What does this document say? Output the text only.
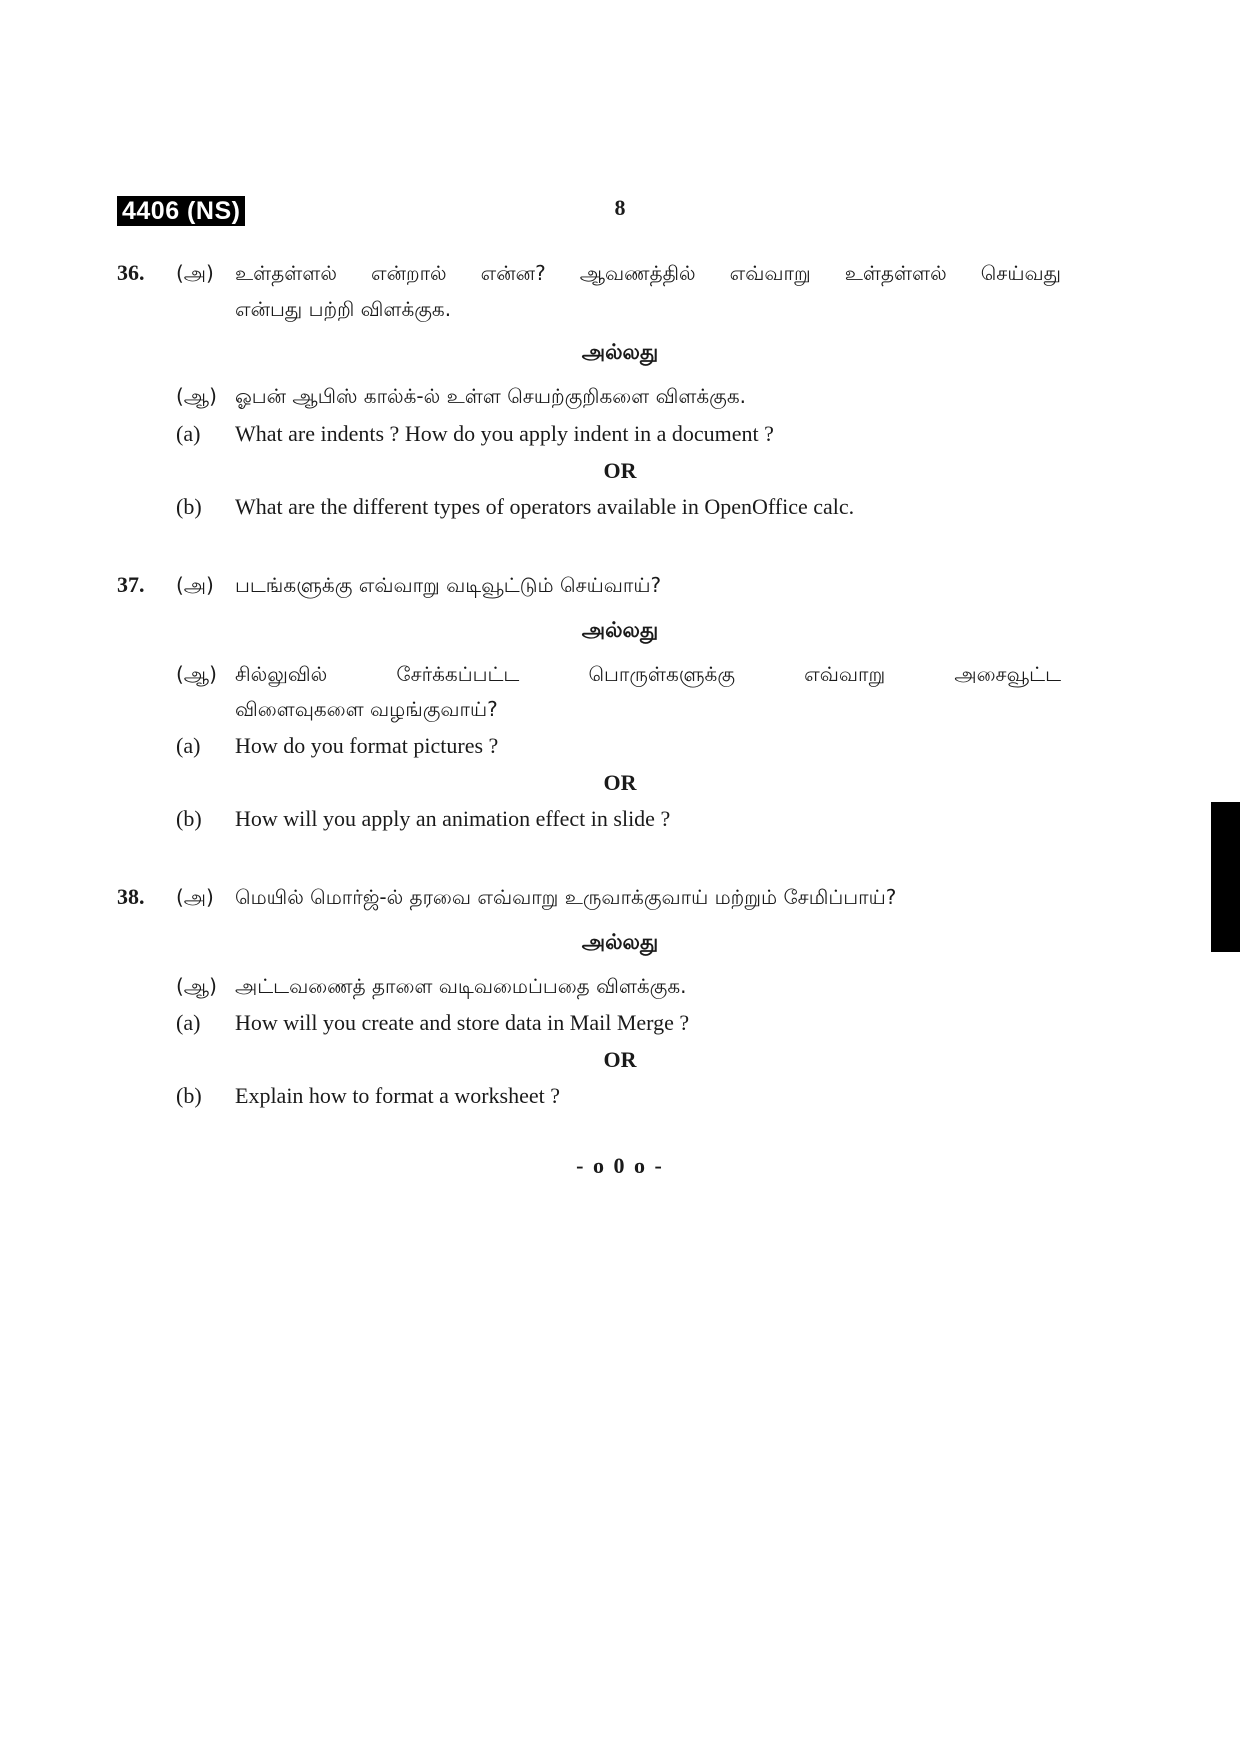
4406 (NS)	8
36. (அ) உள்தள்ளல் என்றால் என்ன? ஆவணத்தில் எவ்வாறு உள்தள்ளல் செய்வது
என்பது பற்றி விளக்குக.
அல்லது
(ஆ) ஓபன் ஆபிஸ் கால்க்-ல் உள்ள செயற்குறிகளை விளக்குக.
(a) What are indents ? How do you apply indent in a document ?
OR
(b) What are the different types of operators available in OpenOffice calc.
37. (அ) படங்களுக்கு எவ்வாறு வடிவூட்டும் செய்வாய்?
அல்லது
(ஆ) சில்லுவில் சேர்க்கப்பட்ட பொருள்களுக்கு எவ்வாறு அசைவூட்ட
விளைவுகளை வழங்குவாய்?
(a) How do you format pictures ?
OR
(b) How will you apply an animation effect in slide ?
38. (அ) மெயில் மொர்ஜ்-ல் தரவை எவ்வாறு உருவாக்குவாய் மற்றும் சேமிப்பாய்?
அல்லது
(ஆ) அட்டவணைத் தாளை வடிவமைப்பதை விளக்குக.
(a) How will you create and store data in Mail Merge ?
OR
(b) Explain how to format a worksheet ?
- o 0 o -
